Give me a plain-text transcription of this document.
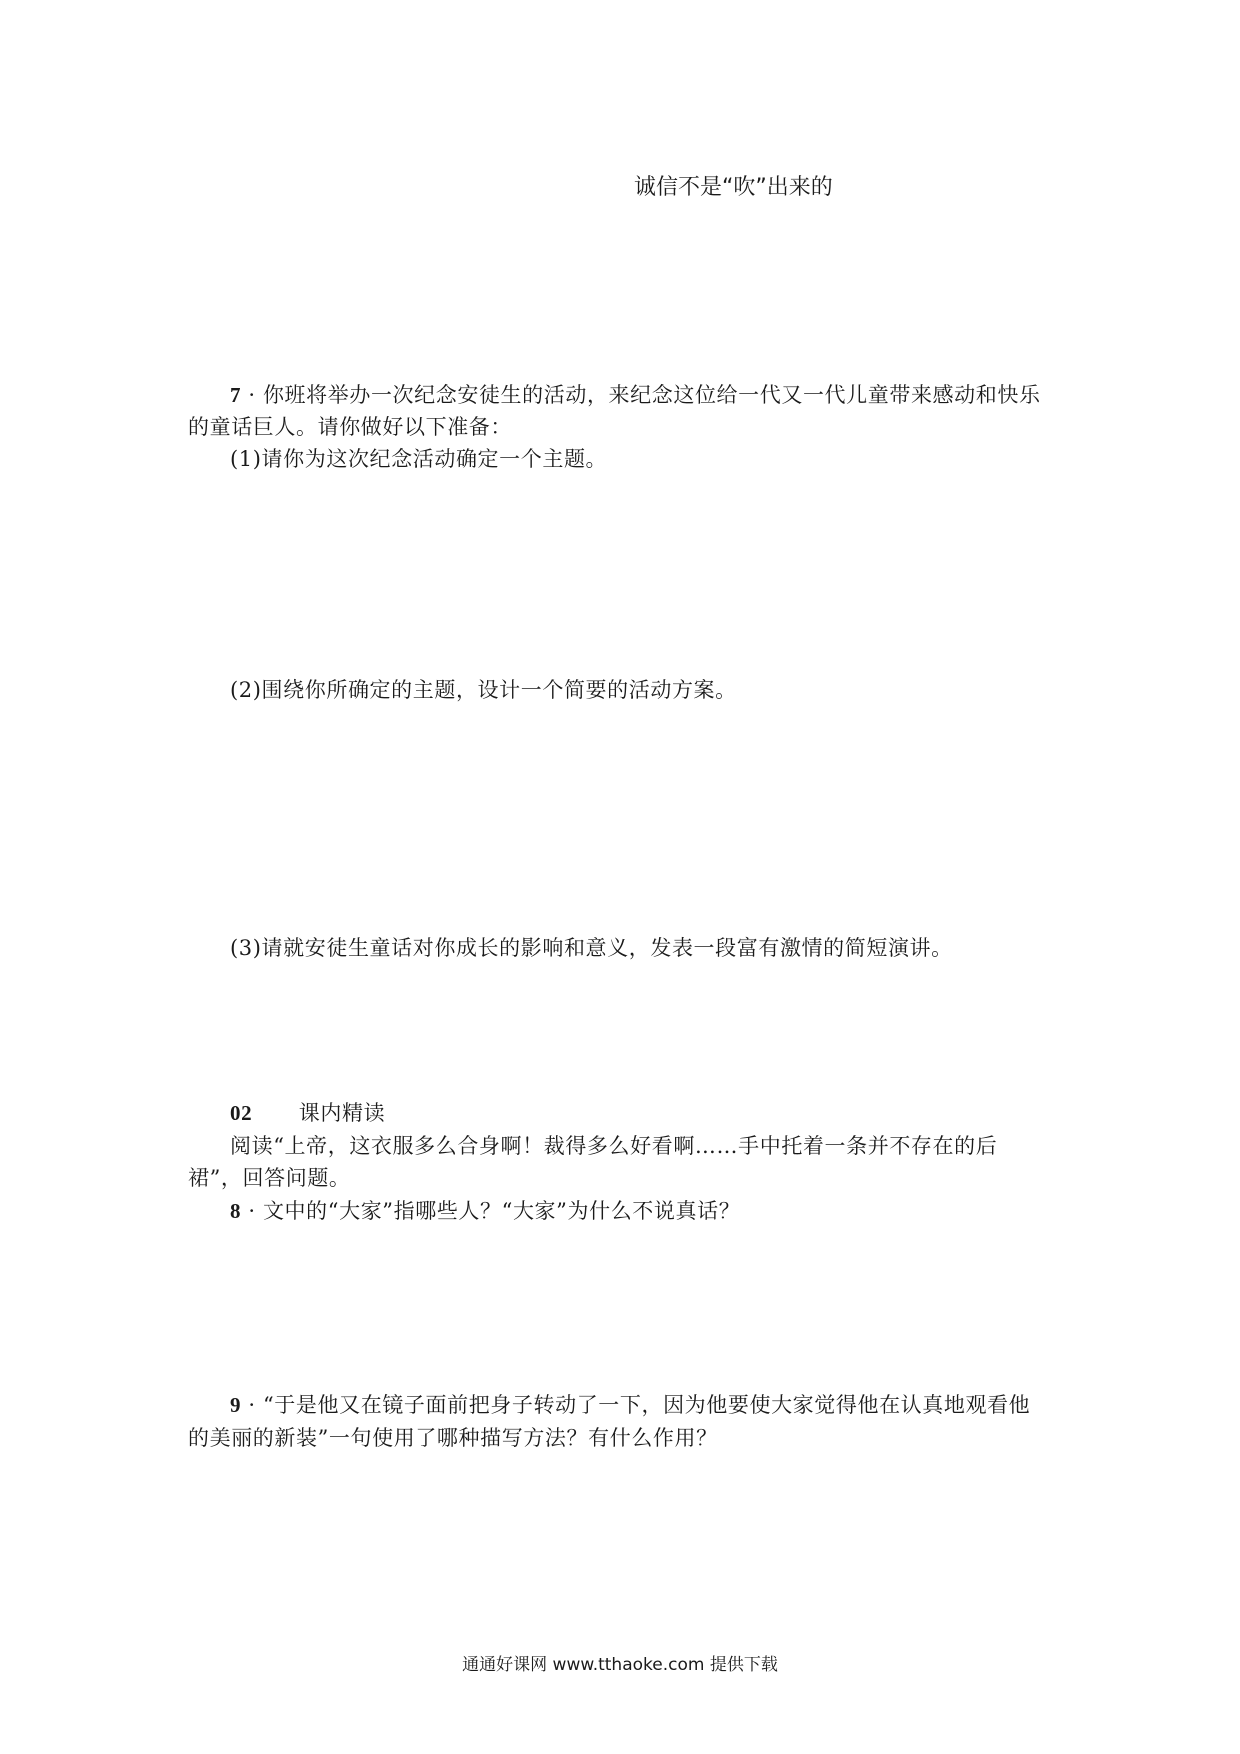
诚信不是“吹”出来的
7 · 你班将举办一次纪念安徒生的活动，来纪念这位给一代又一代儿童带来感动和快乐
的童话巨人。请你做好以下准备：
(1)请你为这次纪念活动确定一个主题。
(2)围绕你所确定的主题，设计一个简要的活动方案。
(3)请就安徒生童话对你成长的影响和意义，发表一段富有激情的简短演讲。
02 课内精读
阅读“上帝，这衣服多么合身啊！裁得多么好看啊……手中托着一条并不存在的后
裙”，回答问题。
8 · 文中的“大家”指哪些人？“大家”为什么不说真话？
9 · “于是他又在镜子面前把身子转动了一下，因为他要使大家觉得他在认真地观看他
的美丽的新装”一句使用了哪种描写方法？有什么作用？
通通好课网 www.tthaoke.com 提供下载
